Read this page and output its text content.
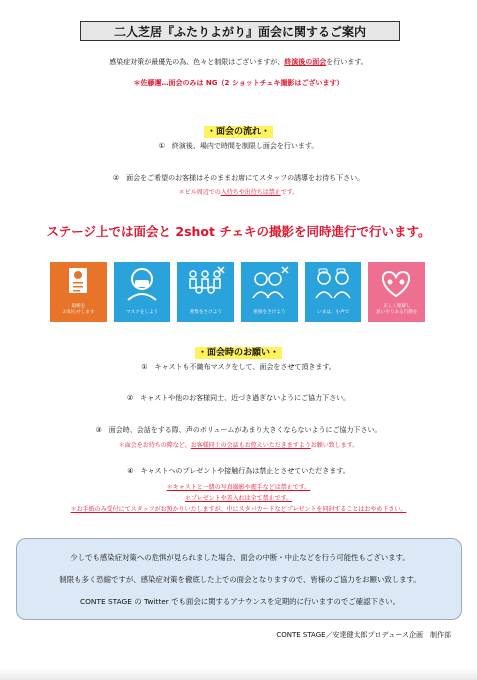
二人芝居『ふたりよがり』面会に関するご案内
感染症対策が最優先の為、色々と制限はございますが、終演後の面会を行います。
＊佐藤邇…面会のみは NG（2 ショットチェキ撮影はございます）
・面会の流れ・
①　終演後、場内で時間を制限し面会を行います。
②　面会をご希望のお客様はそのままお席にてスタッフの誘導をお待ち下さい。
＊ビル周辺での入待ちや出待ちは禁止です。
ステージ上では面会と 2shot チェキの撮影を同時進行で行います。
取組を
お知らせします	マスクをしよう	密集をさけよう	密接をさけよう	いまは、小声で
正しく理解し
思いやりある行動を
・面会時のお願い・
①　キャストも不織布マスクをして、面会をさせて頂きます。
②　キャストや他のお客様同士、近づき過ぎないようにご協力下さい。
③　面会時、会話をする際、声のボリュームがあまり大きくならないようにご協力下さい。
＊面会をお待ちの際など、お客様同士の会話もお控えいただきますようお願い致します。
④　キャストへのプレゼントや接触行為は禁止とさせていただきます。
＊キャストと一緒の写真撮影や握手などは禁止です。
＊プレゼントや差入れは全て禁止です。
＊お手紙のみ受付にてスタッフがお預かりいたしますが、中にスタバカードなどプレゼントを同封することはおやめ下さい。
少しでも感染症対策への危惧が見られました場合、面会の中断・中止などを行う可能性もございます。
制限も多く恐縮ですが、感染症対策を徹底した上での面会となりますので、皆様のご協力をお願い致します。
CONTE STAGE の Twitter でも面会に関するアナウンスを定期的に行いますのでご確認下さい。
CONTE STAGE／安達健太郎プロデュース企画　制作部
